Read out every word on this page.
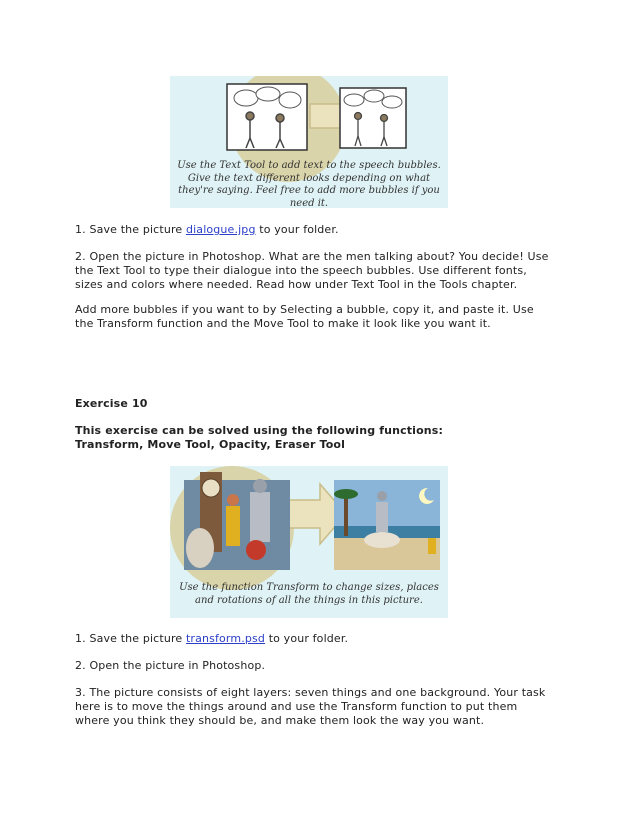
Use the Text Tool to add text to the speech bubbles. Give the text different looks depending on what they're saying. Feel free to add more bubbles if you need it.

1. Save the picture dialogue.jpg to your folder.

2. Open the picture in Photoshop. What are the men talking about? You decide! Use the Text Tool to type their dialogue into the speech bubbles. Use different fonts, sizes and colors where needed. Read how under Text Tool in the Tools chapter.

Add more bubbles if you want to by Selecting a bubble, copy it, and paste it. Use the Transform function and the Move Tool to make it look like you want it.

Exercise 10

This exercise can be solved using the following functions:
Transform, Move Tool, Opacity, Eraser Tool

Use the function Transform to change sizes, places and rotations of all the things in this picture.

1. Save the picture transform.psd to your folder.

2. Open the picture in Photoshop.

3. The picture consists of eight layers: seven things and one background. Your task here is to move the things around and use the Transform function to put them where you think they should be, and make them look the way you want.
